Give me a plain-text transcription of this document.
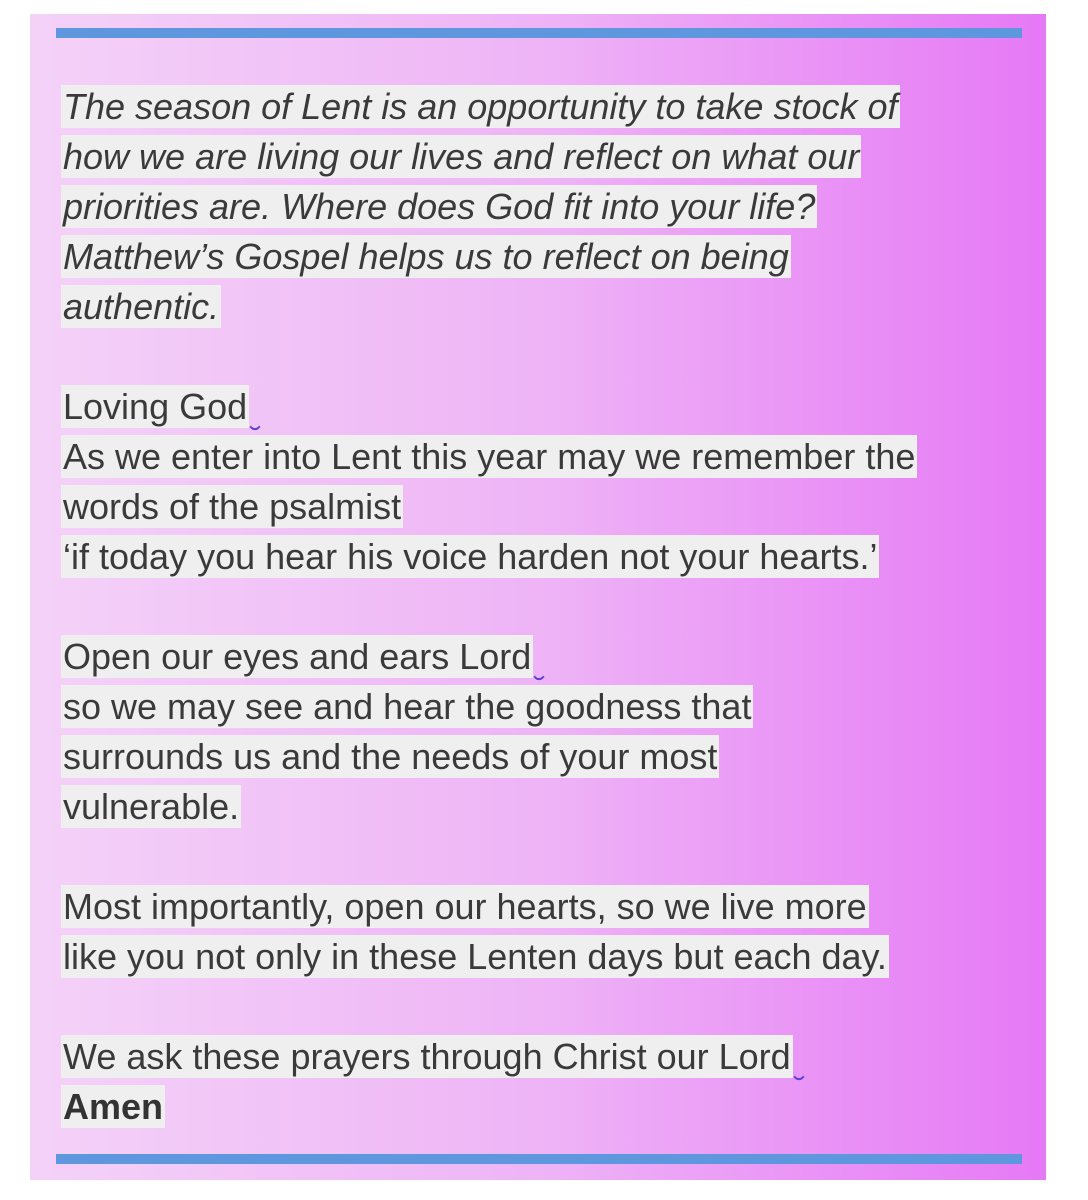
The season of Lent is an opportunity to take stock of
how we are living our lives and reflect on what our
priorities are. Where does God fit into your life?
Matthew’s Gospel helps us to reflect on being
authentic.
Loving God
As we enter into Lent this year may we remember the
words of the psalmist
‘if today you hear his voice harden not your hearts.’
Open our eyes and ears Lord
so we may see and hear the goodness that
surrounds us and the needs of your most
vulnerable.
Most importantly, open our hearts, so we live more
like you not only in these Lenten days but each day.
We ask these prayers through Christ our Lord
Amen
